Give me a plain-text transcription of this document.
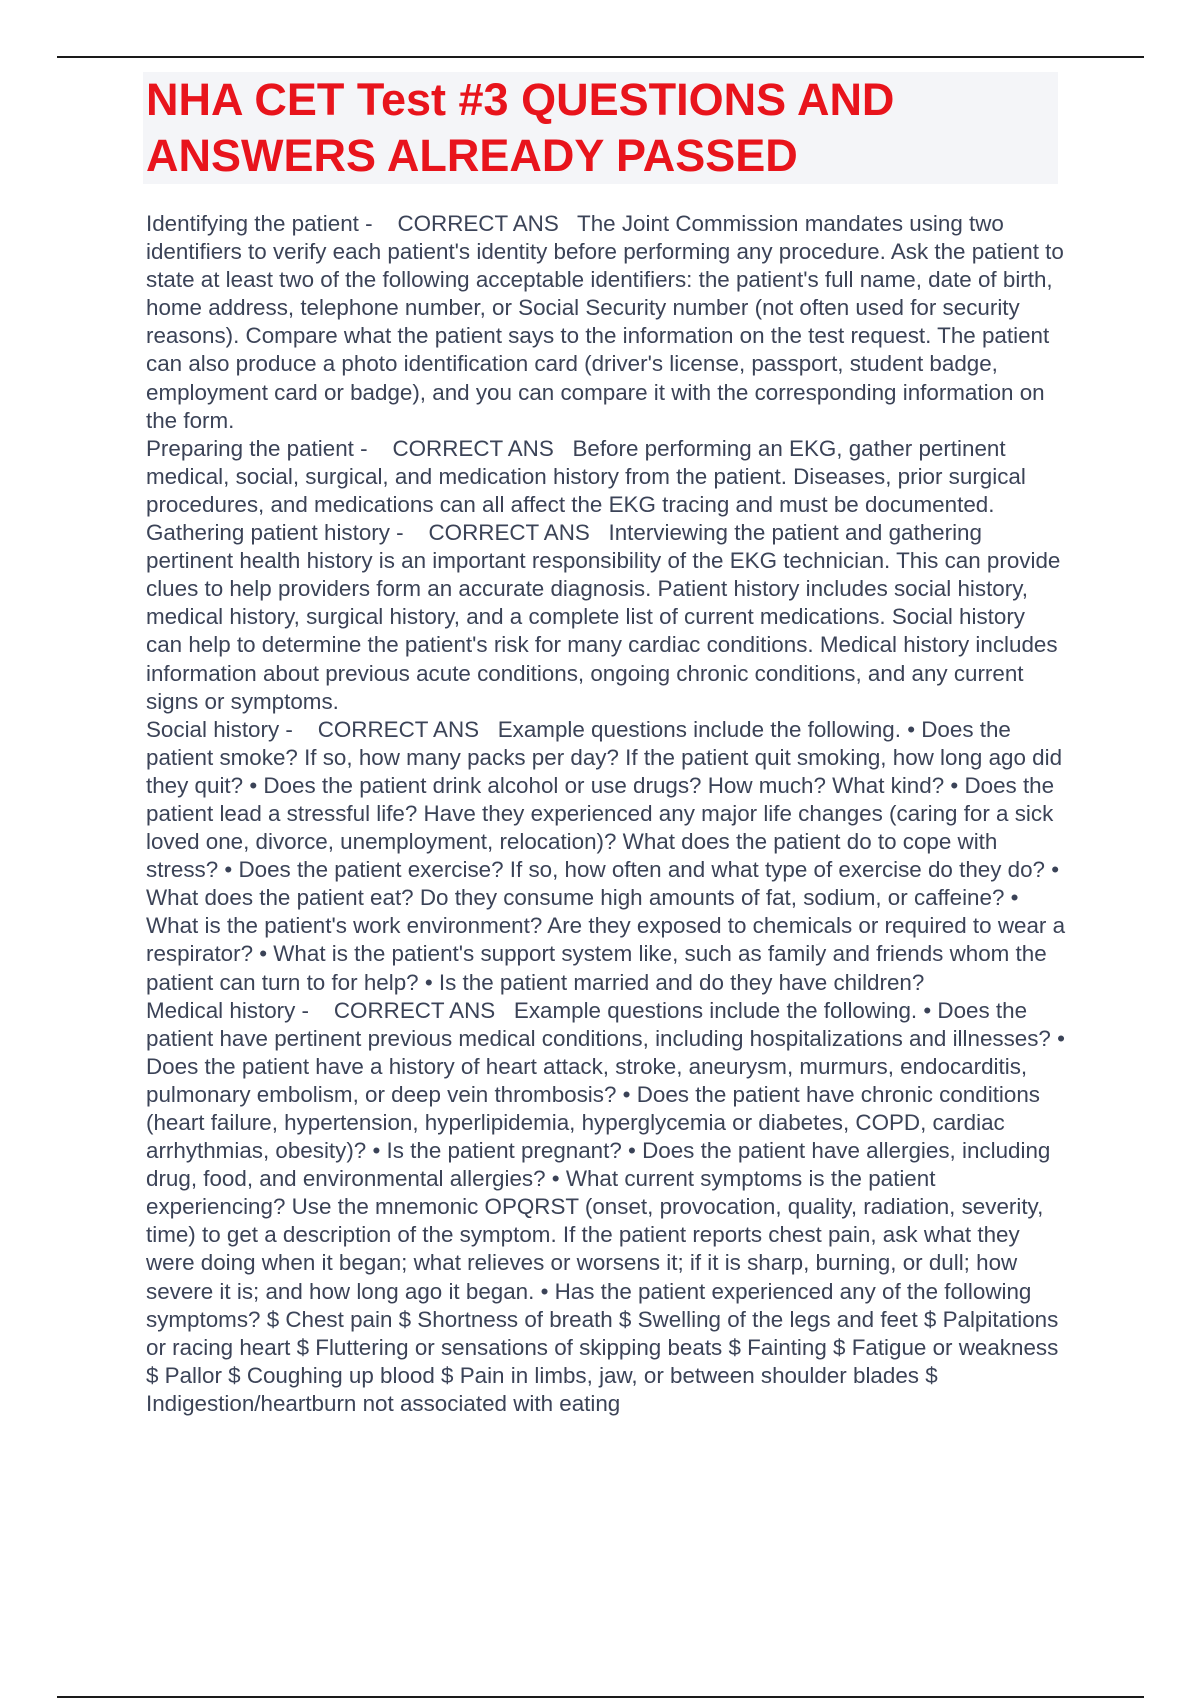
NHA CET Test #3 QUESTIONS AND ANSWERS ALREADY PASSED

Identifying the patient -    CORRECT ANS   The Joint Commission mandates using two identifiers to verify each patient's identity before performing any procedure. Ask the patient to state at least two of the following acceptable identifiers: the patient's full name, date of birth, home address, telephone number, or Social Security number (not often used for security reasons). Compare what the patient says to the information on the test request. The patient can also produce a photo identification card (driver's license, passport, student badge, employment card or badge), and you can compare it with the corresponding information on the form.

Preparing the patient -    CORRECT ANS   Before performing an EKG, gather pertinent medical, social, surgical, and medication history from the patient. Diseases, prior surgical procedures, and medications can all affect the EKG tracing and must be documented.

Gathering patient history -    CORRECT ANS   Interviewing the patient and gathering pertinent health history is an important responsibility of the EKG technician. This can provide clues to help providers form an accurate diagnosis. Patient history includes social history, medical history, surgical history, and a complete list of current medications. Social history can help to determine the patient's risk for many cardiac conditions. Medical history includes information about previous acute conditions, ongoing chronic conditions, and any current signs or symptoms.

Social history -    CORRECT ANS   Example questions include the following. • Does the patient smoke? If so, how many packs per day? If the patient quit smoking, how long ago did they quit? • Does the patient drink alcohol or use drugs? How much? What kind? • Does the patient lead a stressful life? Have they experienced any major life changes (caring for a sick loved one, divorce, unemployment, relocation)? What does the patient do to cope with stress? • Does the patient exercise? If so, how often and what type of exercise do they do? • What does the patient eat? Do they consume high amounts of fat, sodium, or caffeine? • What is the patient's work environment? Are they exposed to chemicals or required to wear a respirator? • What is the patient's support system like, such as family and friends whom the patient can turn to for help? • Is the patient married and do they have children?

Medical history -    CORRECT ANS   Example questions include the following. • Does the patient have pertinent previous medical conditions, including hospitalizations and illnesses? • Does the patient have a history of heart attack, stroke, aneurysm, murmurs, endocarditis, pulmonary embolism, or deep vein thrombosis? • Does the patient have chronic conditions (heart failure, hypertension, hyperlipidemia, hyperglycemia or diabetes, COPD, cardiac arrhythmias, obesity)? • Is the patient pregnant? • Does the patient have allergies, including drug, food, and environmental allergies? • What current symptoms is the patient experiencing? Use the mnemonic OPQRST (onset, provocation, quality, radiation, severity, time) to get a description of the symptom. If the patient reports chest pain, ask what they were doing when it began; what relieves or worsens it; if it is sharp, burning, or dull; how severe it is; and how long ago it began. • Has the patient experienced any of the following symptoms? $ Chest pain $ Shortness of breath $ Swelling of the legs and feet $ Palpitations or racing heart $ Fluttering or sensations of skipping beats $ Fainting $ Fatigue or weakness $ Pallor $ Coughing up blood $ Pain in limbs, jaw, or between shoulder blades $ Indigestion/heartburn not associated with eating
